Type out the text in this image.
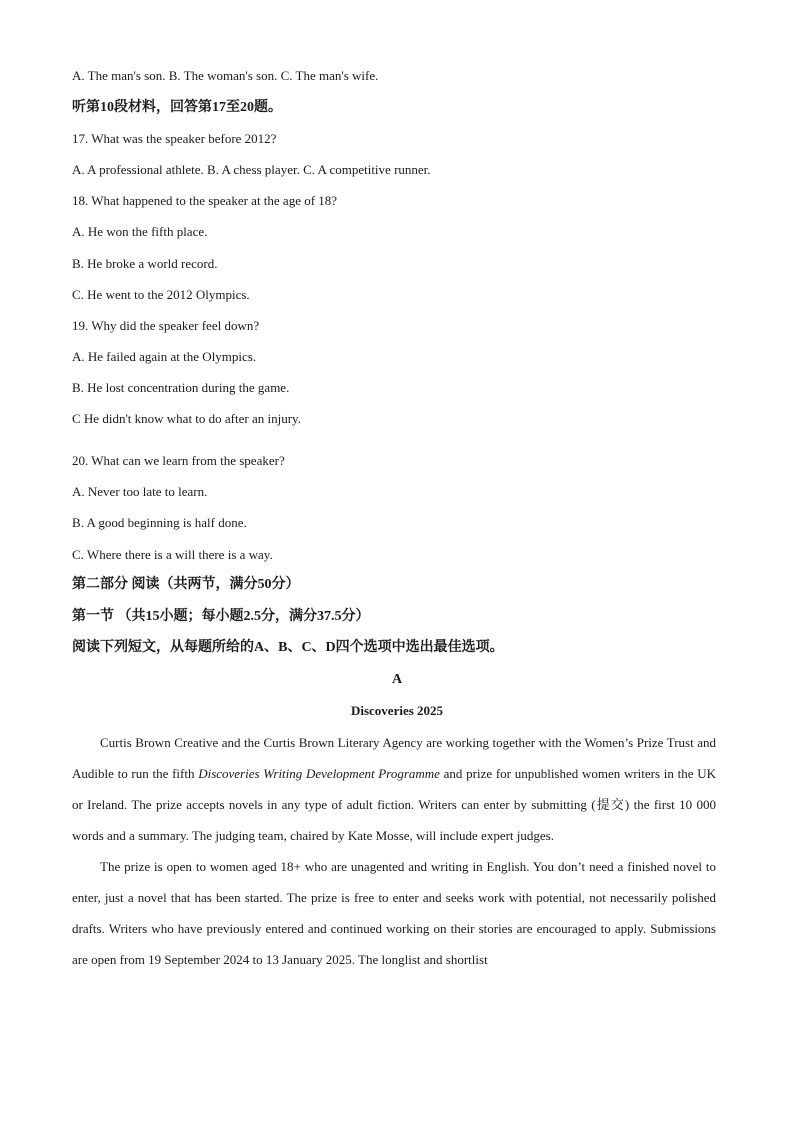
A. The man's son. B. The woman's son. C. The man's wife.
听第10段材料，回答第17至20题。
17. What was the speaker before 2012?
A. A professional athlete. B. A chess player. C. A competitive runner.
18. What happened to the speaker at the age of 18?
A. He won the fifth place.
B. He broke a world record.
C. He went to the 2012 Olympics.
19. Why did the speaker feel down?
A. He failed again at the Olympics.
B. He lost concentration during the game.
C He didn't know what to do after an injury.
20. What can we learn from the speaker?
A. Never too late to learn.
B. A good beginning is half done.
C. Where there is a will there is a way.
第二部分 阅读（共两节，满分50分）
第一节 （共15小题；每小题2.5分，满分37.5分）
阅读下列短文，从每题所给的A、B、C、D四个选项中选出最佳选项。
A
Discoveries 2025

Curtis Brown Creative and the Curtis Brown Literary Agency are working together with the Women’s Prize Trust and Audible to run the fifth Discoveries Writing Development Programme and prize for unpublished women writers in the UK or Ireland. The prize accepts novels in any type of adult fiction. Writers can enter by submitting (提交) the first 10 000 words and a summary. The judging team, chaired by Kate Mosse, will include expert judges.

The prize is open to women aged 18+ who are unagented and writing in English. You don’t need a finished novel to enter, just a novel that has been started. The prize is free to enter and seeks work with potential, not necessarily polished drafts. Writers who have previously entered and continued working on their stories are encouraged to apply. Submissions are open from 19 September 2024 to 13 January 2025. The longlist and shortlist
